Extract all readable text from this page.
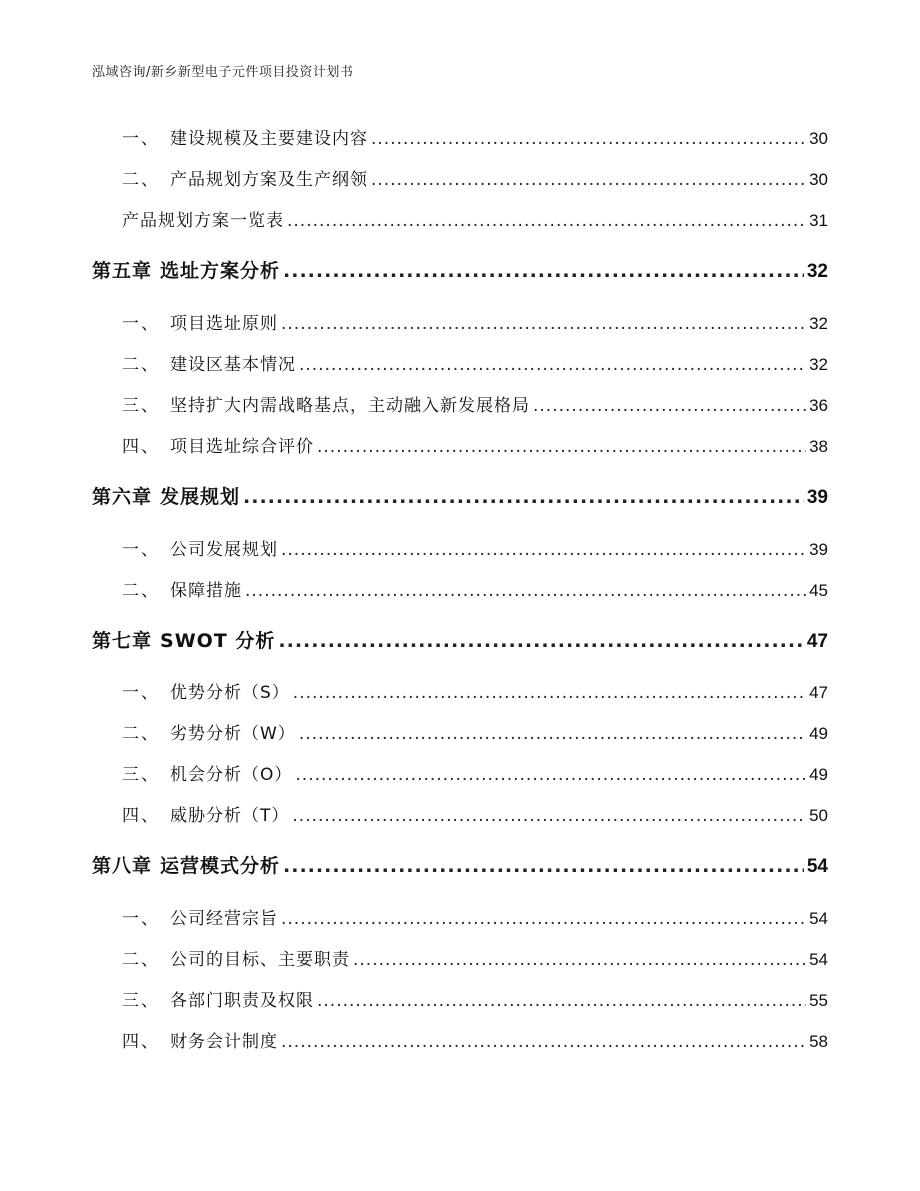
泓域咨询/新乡新型电子元件项目投资计划书
一、 建设规模及主要建设内容 .....	30
二、 产品规划方案及生产纲领 .....	30
产品规划方案一览表 .....	31
第五章 选址方案分析 .....	32
一、 项目选址原则 .....	32
二、 建设区基本情况 .....	32
三、 坚持扩大内需战略基点，主动融入新发展格局 .....	36
四、 项目选址综合评价 .....	38
第六章 发展规划 .....	39
一、 公司发展规划 .....	39
二、 保障措施 .....	45
第七章 SWOT 分析 .....	47
一、 优势分析（S） .....	47
二、 劣势分析（W） .....	49
三、 机会分析（O） .....	49
四、 威胁分析（T） .....	50
第八章 运营模式分析 .....	54
一、 公司经营宗旨 .....	54
二、 公司的目标、主要职责 .....	54
三、 各部门职责及权限 .....	55
四、 财务会计制度 .....	58
